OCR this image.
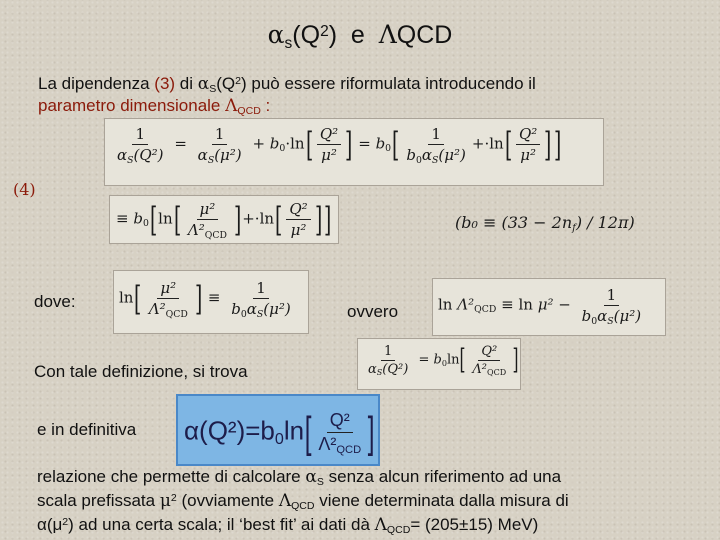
$\alpha s(Q^2)$ e ΛQCD
La dipendenza (3) di $\alpha S(Q^2)$ può essere riformulata introducendo il
parametro dimensionale ΛQCD :
$\frac{1}{\text{αS(Q²)}} = \frac{1}{\text{αS(μ²)}} + b0\cdot\ln[ \frac{\text{Q²}}{\text{μ²}}$ ] = $b0[ \frac{1}{\text{b0αS(μ²)}} +\cdot\ln[ \frac{\text{Q²}}{\text{μ²}}$ ]]
(4)
≡ $b0[\ln[ \frac{\text{μ²}}{\text{Λ²QCD}} ]+\cdot\ln[ \frac{\text{Q²}}{\text{μ²}}$ ]]	(b₀ ≡ (33 − 2nf) / 12π)
dove:	$\ln[ \frac{\text{μ²}}{\text{Λ²QCD}}$ ] ≡ $\frac{1}{\text{b0αS(μ²)}}$	ovvero	$\ln \Lambda^2QCD \equiv \ln \mu^2 - \frac{1}{\text{b0αS(μ²)}}$
Con tale definizione, si trova	$\frac{1}{\text{αS(Q²)}} = b0\ln[ \frac{\text{Q²}}{\text{Λ²QCD}}$ ]
e in definitiva $\alpha(Q^2)=b0\ln[ \frac{\text{Q²}}{\text{Λ²QCD}}$ ]
relazione che permette di calcolare αS senza alcun riferimento ad una
scala prefissata $\mu^2$ (ovviamente ΛQCD viene determinata dalla misura di
$\alpha(\mu^2)$ ad una certa scala; il ‘best fit’ ai dati dà ΛQCD= (205±15) MeV)
